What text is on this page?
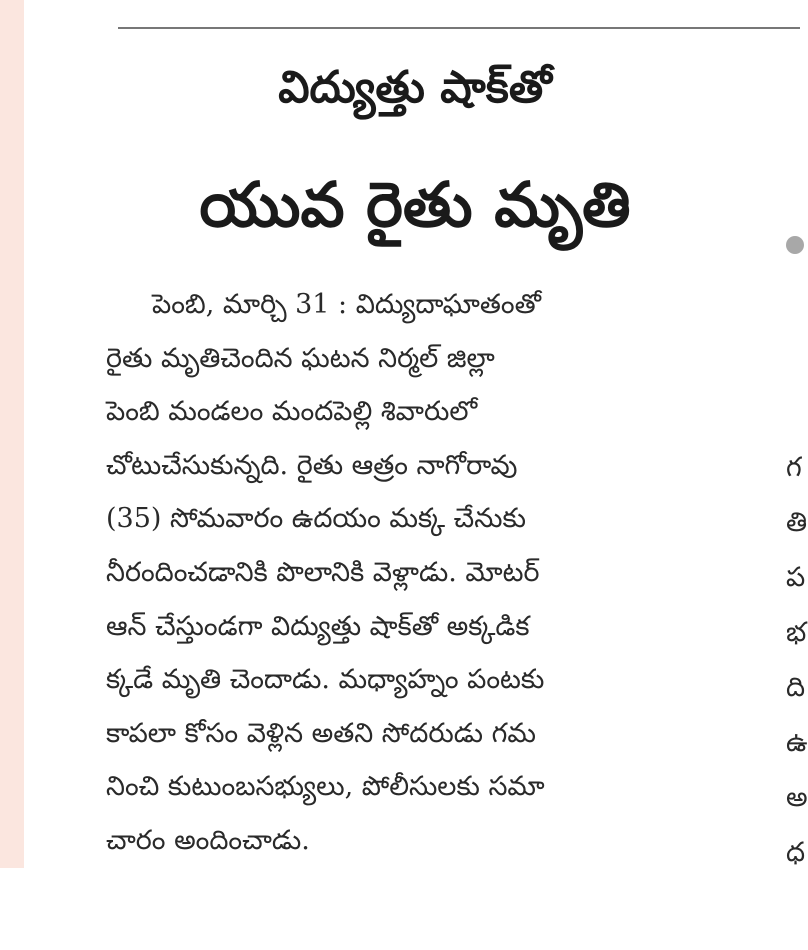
విద్యుత్తు షాక్‌తో
యువ రైతు మృతి
పెంబి, మార్చి 31 : విద్యుదాఘాతంతో
రైతు మృతిచెందిన ఘటన నిర్మల్ జిల్లా
పెంబి మండలం మందపెల్లి శివారులో
చోటుచేసుకున్నది. రైతు ఆత్రం నాగోరావు
(35) సోమవారం ఉదయం మక్క చేనుకు
నీరందించడానికి పొలానికి వెళ్లాడు. మోటర్
ఆన్ చేస్తుండగా విద్యుత్తు షాక్‌తో అక్కడిక
క్కడే మృతి చెందాడు. మధ్యాహ్నం పంటకు
కాపలా కోసం వెళ్లిన అతని సోదరుడు గమ
నించి కుటుంబసభ్యులు, పోలీసులకు సమా
చారం అందించాడు.
గ
తి
ప
భ
ది
ఉ
అ
ధ
